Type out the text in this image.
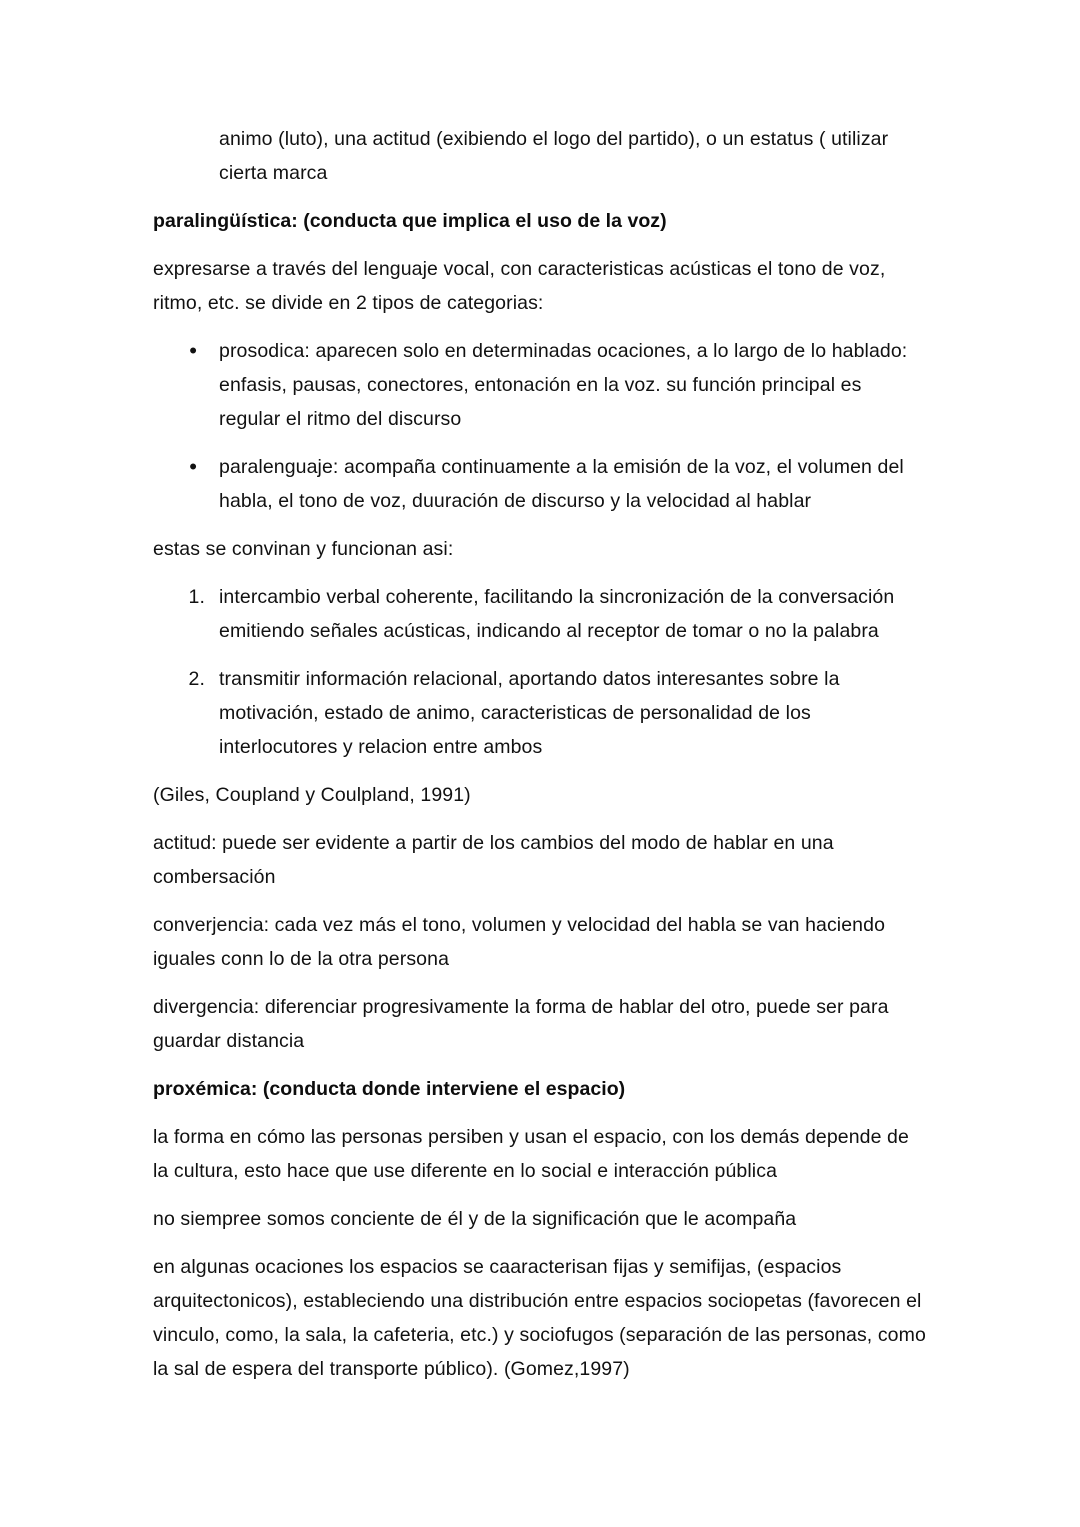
animo (luto), una actitud (exibiendo el logo del partido), o un estatus ( utilizar cierta marca

paralingüística: (conducta que implica el uso de la voz)

expresarse a través del lenguaje vocal, con caracteristicas acústicas el tono de voz, ritmo, etc. se divide en 2 tipos de categorias:

• prosodica: aparecen solo en determinadas ocaciones, a lo largo de lo hablado: enfasis, pausas, conectores, entonación en la voz. su función principal es regular el ritmo del discurso
• paralenguaje: acompaña continuamente a la emisión de la voz, el volumen del habla, el tono de voz, duuración de discurso y la velocidad al hablar

estas se convinan y funcionan asi:

1. intercambio verbal coherente, facilitando la sincronización de la conversación emitiendo señales acústicas, indicando al receptor de tomar o no la palabra
2. transmitir información relacional, aportando datos interesantes sobre la motivación, estado de animo, caracteristicas de personalidad de los interlocutores y relacion entre ambos

(Giles, Coupland y Coulpland, 1991)

actitud: puede ser evidente a partir de los cambios del modo de hablar en una combersación

converjencia: cada vez más el tono, volumen y velocidad del habla se van haciendo iguales conn lo de la otra persona

divergencia: diferenciar progresivamente la forma de hablar del otro, puede ser para guardar distancia

proxémica: (conducta donde interviene el espacio)

la forma en cómo las personas persiben y usan el espacio, con los demás depende de la cultura, esto hace que use diferente en lo social e interacción pública

no siempree somos conciente de él y de la significación que le acompaña

en algunas ocaciones los espacios se caaracterisan fijas y semifijas, (espacios arquitectonicos), estableciendo una distribución entre espacios sociopetas (favorecen el vinculo, como, la sala, la cafeteria, etc.) y sociofugos (separación de las personas, como la sal de espera del transporte público). (Gomez,1997)
